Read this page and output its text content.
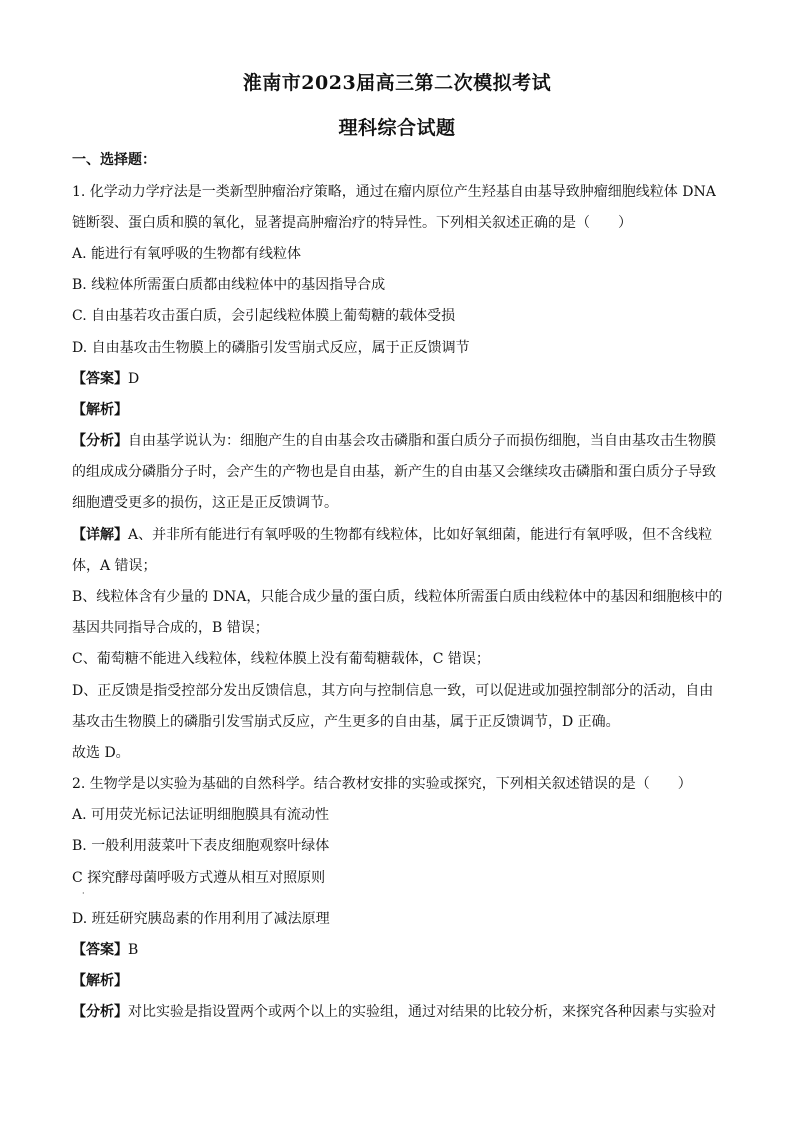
淮南市2023届高三第二次模拟考试
理科综合试题
一、选择题：
1. 化学动力学疗法是一类新型肿瘤治疗策略，通过在瘤内原位产生羟基自由基导致肿瘤细胞线粒体 DNA
链断裂、蛋白质和膜的氧化，显著提高肿瘤治疗的特异性。下列相关叙述正确的是（　　）
A. 能进行有氧呼吸的生物都有线粒体
B. 线粒体所需蛋白质都由线粒体中的基因指导合成
C. 自由基若攻击蛋白质，会引起线粒体膜上葡萄糖的载体受损
D. 自由基攻击生物膜上的磷脂引发雪崩式反应，属于正反馈调节
【答案】D
【解析】
【分析】自由基学说认为：细胞产生的自由基会攻击磷脂和蛋白质分子而损伤细胞，当自由基攻击生物膜
的组成成分磷脂分子时，会产生的产物也是自由基，新产生的自由基又会继续攻击磷脂和蛋白质分子导致
细胞遭受更多的损伤，这正是正反馈调节。
【详解】A、并非所有能进行有氧呼吸的生物都有线粒体，比如好氧细菌，能进行有氧呼吸，但不含线粒
体，A 错误；
B、线粒体含有少量的 DNA，只能合成少量的蛋白质，线粒体所需蛋白质由线粒体中的基因和细胞核中的
基因共同指导合成的，B 错误；
C、葡萄糖不能进入线粒体，线粒体膜上没有葡萄糖载体，C 错误；
D、正反馈是指受控部分发出反馈信息，其方向与控制信息一致，可以促进或加强控制部分的活动，自由
基攻击生物膜上的磷脂引发雪崩式反应，产生更多的自由基，属于正反馈调节，D 正确。
故选 D。
2. 生物学是以实验为基础的自然科学。结合教材安排的实验或探究，下列相关叙述错误的是（　　）
A. 可用荧光标记法证明细胞膜具有流动性
B. 一般利用菠菜叶下表皮细胞观察叶绿体
C 探究酵母菌呼吸方式遵从相互对照原则
·
D. 班廷研究胰岛素的作用利用了减法原理
【答案】B
【解析】
【分析】对比实验是指设置两个或两个以上的实验组，通过对结果的比较分析，来探究各种因素与实验对
